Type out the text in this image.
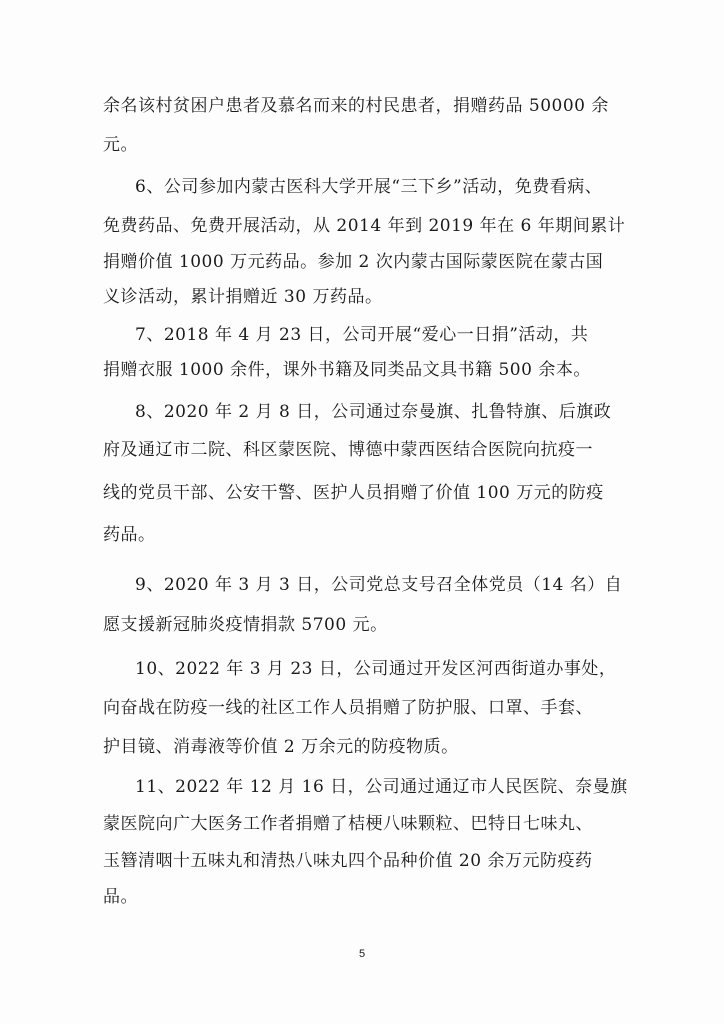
余名该村贫困户患者及慕名而来的村民患者，捐赠药品 50000 余
元。
6、公司参加内蒙古医科大学开展“三下乡”活动，免费看病、
免费药品、免费开展活动，从 2014 年到 2019 年在 6 年期间累计
捐赠价值 1000 万元药品。参加 2 次内蒙古国际蒙医院在蒙古国
义诊活动，累计捐赠近 30 万药品。
7、2018 年 4 月 23 日，公司开展“爱心一日捐”活动，共
捐赠衣服 1000 余件，课外书籍及同类品文具书籍 500 余本。
8、2020 年 2 月 8 日，公司通过奈曼旗、扎鲁特旗、后旗政
府及通辽市二院、科区蒙医院、博德中蒙西医结合医院向抗疫一
线的党员干部、公安干警、医护人员捐赠了价值 100 万元的防疫
药品。
9、2020 年 3 月 3 日，公司党总支号召全体党员（14 名）自
愿支援新冠肺炎疫情捐款 5700 元。
10、2022 年 3 月 23 日，公司通过开发区河西街道办事处，
向奋战在防疫一线的社区工作人员捐赠了防护服、口罩、手套、
护目镜、消毒液等价值 2 万余元的防疫物质。
11、2022 年 12 月 16 日，公司通过通辽市人民医院、奈曼旗
蒙医院向广大医务工作者捐赠了桔梗八味颗粒、巴特日七味丸、
玉簪清咽十五味丸和清热八味丸四个品种价值 20 余万元防疫药
品。
5
